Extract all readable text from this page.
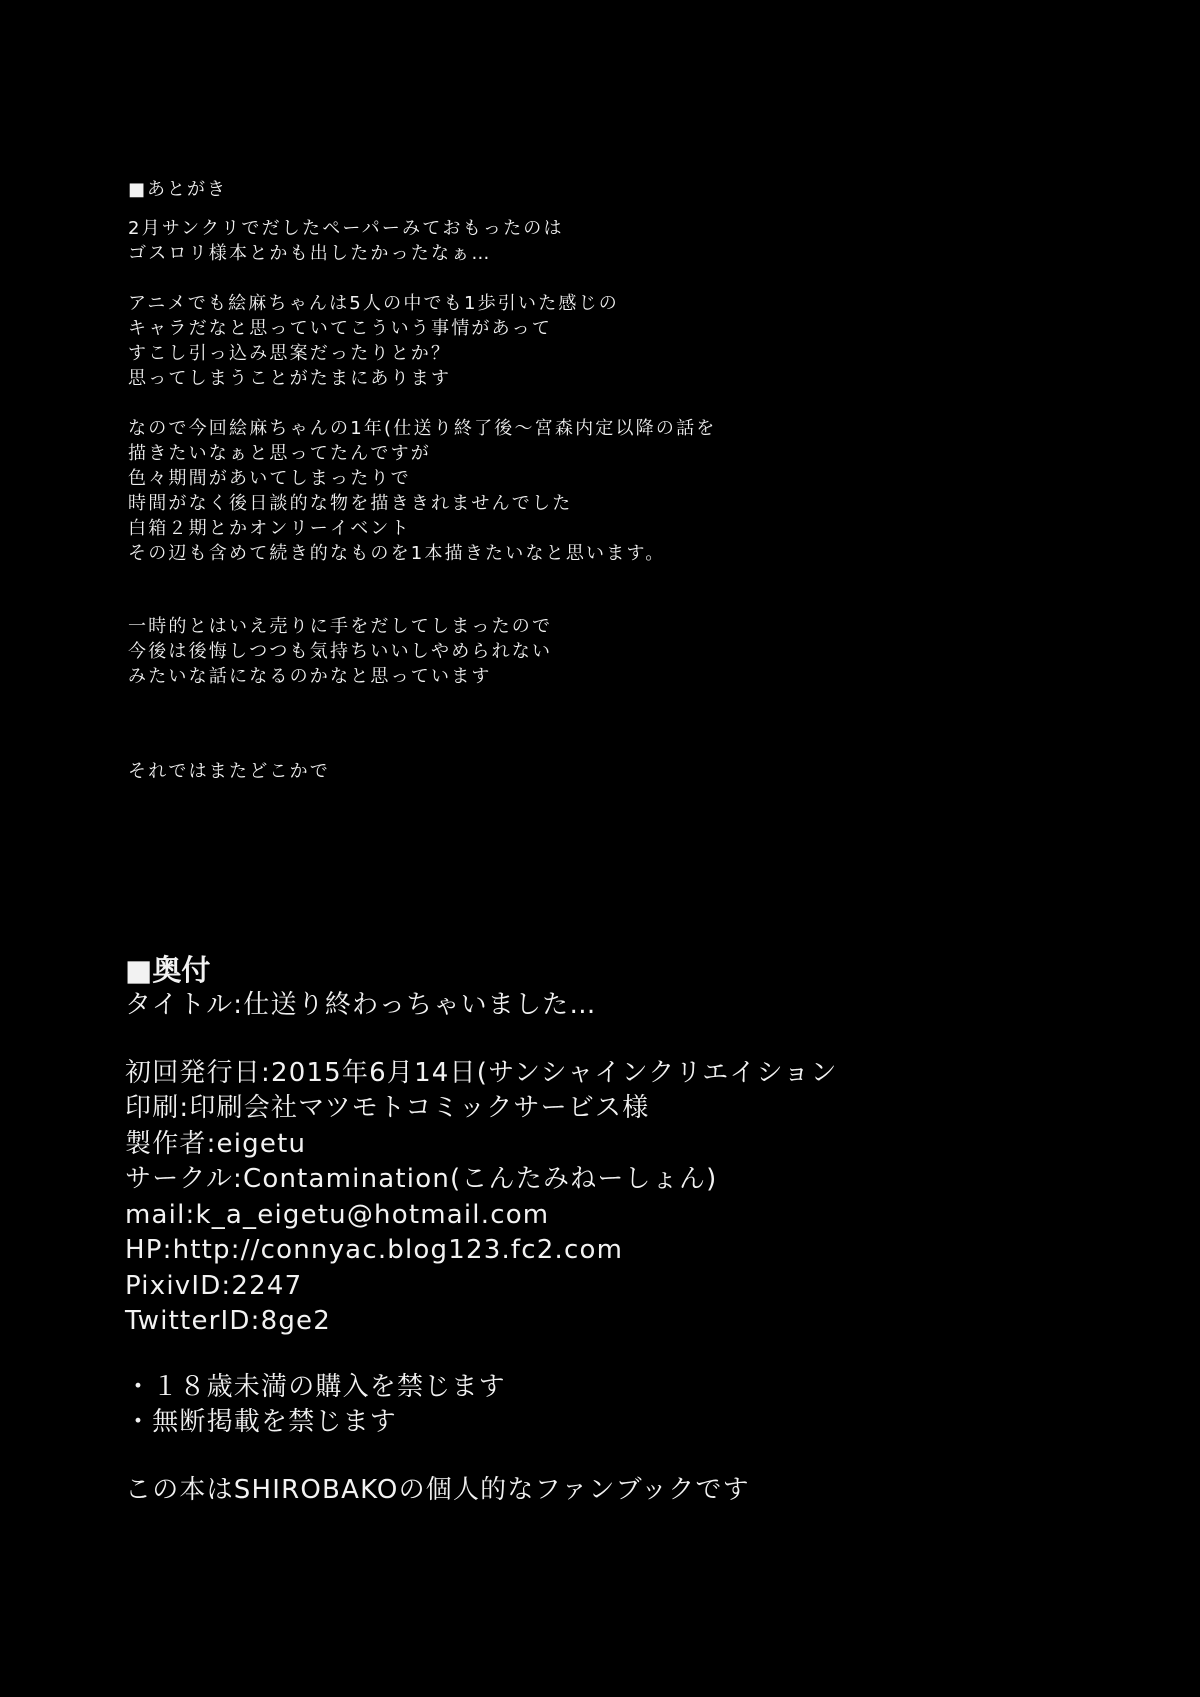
■あとがき

2月サンクリでだしたペーパーみておもったのは
ゴスロリ様本とかも出したかったなぁ…

アニメでも絵麻ちゃんは5人の中でも1歩引いた感じの
キャラだなと思っていてこういう事情があって
すこし引っ込み思案だったりとか？
思ってしまうことがたまにあります

なので今回絵麻ちゃんの1年(仕送り終了後〜宮森内定以降の話を
描きたいなぁと思ってたんですが
色々期間があいてしまったりで
時間がなく後日談的な物を描ききれませんでした
白箱２期とかオンリーイベント
その辺も含めて続き的なものを1本描きたいなと思います。

一時的とはいえ売りに手をだしてしまったので
今後は後悔しつつも気持ちいいしやめられない
みたいな話になるのかなと思っています

それではまたどこかで

■奥付
タイトル:仕送り終わっちゃいました…
初回発行日:2015年6月14日(サンシャインクリエイション
印刷:印刷会社マツモトコミックサービス様
製作者:eigetu
サークル:Contamination(こんたみねーしょん)
mail:k_a_eigetu@hotmail.com
HP:http://connyac.blog123.fc2.com
PixivID:2247
TwitterID:8ge2
・１８歳未満の購入を禁じます
・無断掲載を禁じます
この本はSHIROBAKOの個人的なファンブックです
